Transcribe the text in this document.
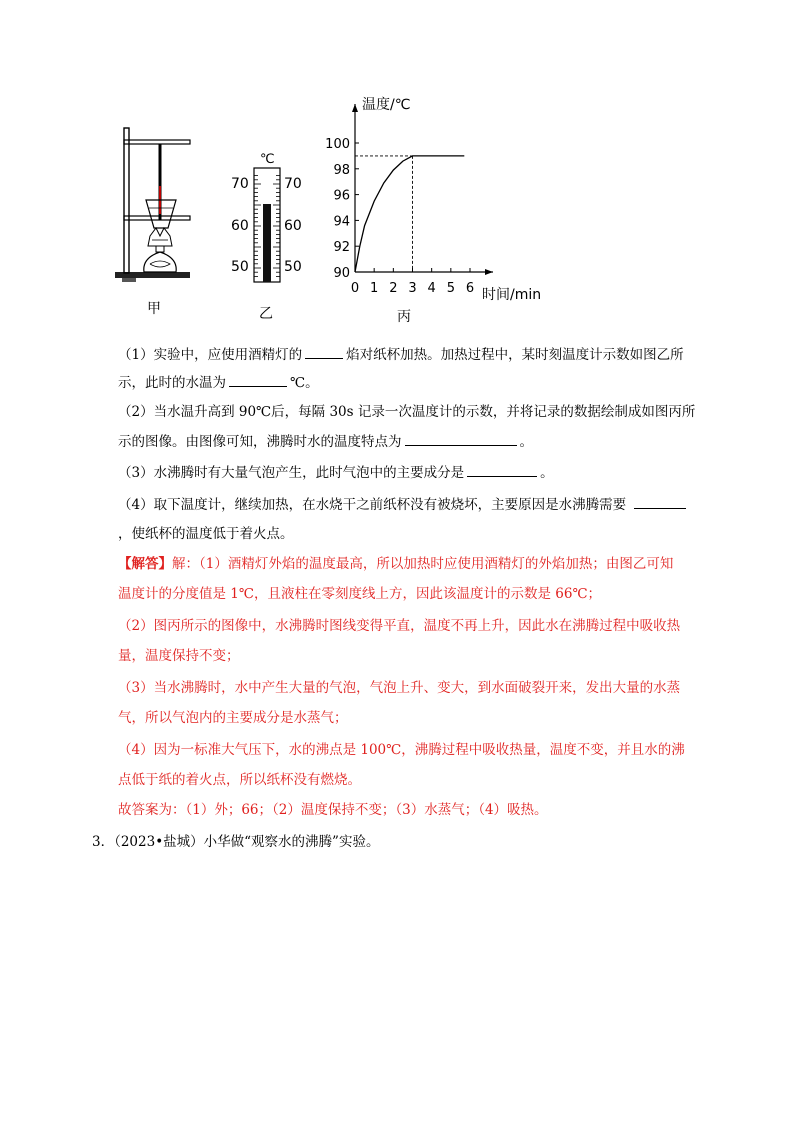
甲
℃
70
60
50
70
60
50
乙
0 1 2 3 4 5 6
90
92
94
96
98
100
温度/℃
时间/min
丙
（1）实验中，应使用酒精灯的	焰对纸杯加热。加热过程中，某时刻温度计示数如图乙所
示，此时的水温为	℃。
（2）当水温升高到 90℃后，每隔 30s 记录一次温度计的示数，并将记录的数据绘制成如图丙所
示的图像。由图像可知，沸腾时水的温度特点为	。
（3）水沸腾时有大量气泡产生，此时气泡中的主要成分是	。
（4）取下温度计，继续加热，在水烧干之前纸杯没有被烧坏，主要原因是水沸腾需要
，使纸杯的温度低于着火点。
【解答】解：（1）酒精灯外焰的温度最高，所以加热时应使用酒精灯的外焰加热；由图乙可知
温度计的分度值是 1℃，且液柱在零刻度线上方，因此该温度计的示数是 66℃；
（2）图丙所示的图像中，水沸腾时图线变得平直，温度不再上升，因此水在沸腾过程中吸收热
量，温度保持不变；
（3）当水沸腾时，水中产生大量的气泡，气泡上升、变大，到水面破裂开来，发出大量的水蒸
气，所以气泡内的主要成分是水蒸气；
（4）因为一标准大气压下，水的沸点是 100℃，沸腾过程中吸收热量，温度不变，并且水的沸
点低于纸的着火点，所以纸杯没有燃烧。
故答案为：（1）外；66；（2）温度保持不变；（3）水蒸气；（4）吸热。
3．（2023•盐城）小华做“观察水的沸腾”实验。
